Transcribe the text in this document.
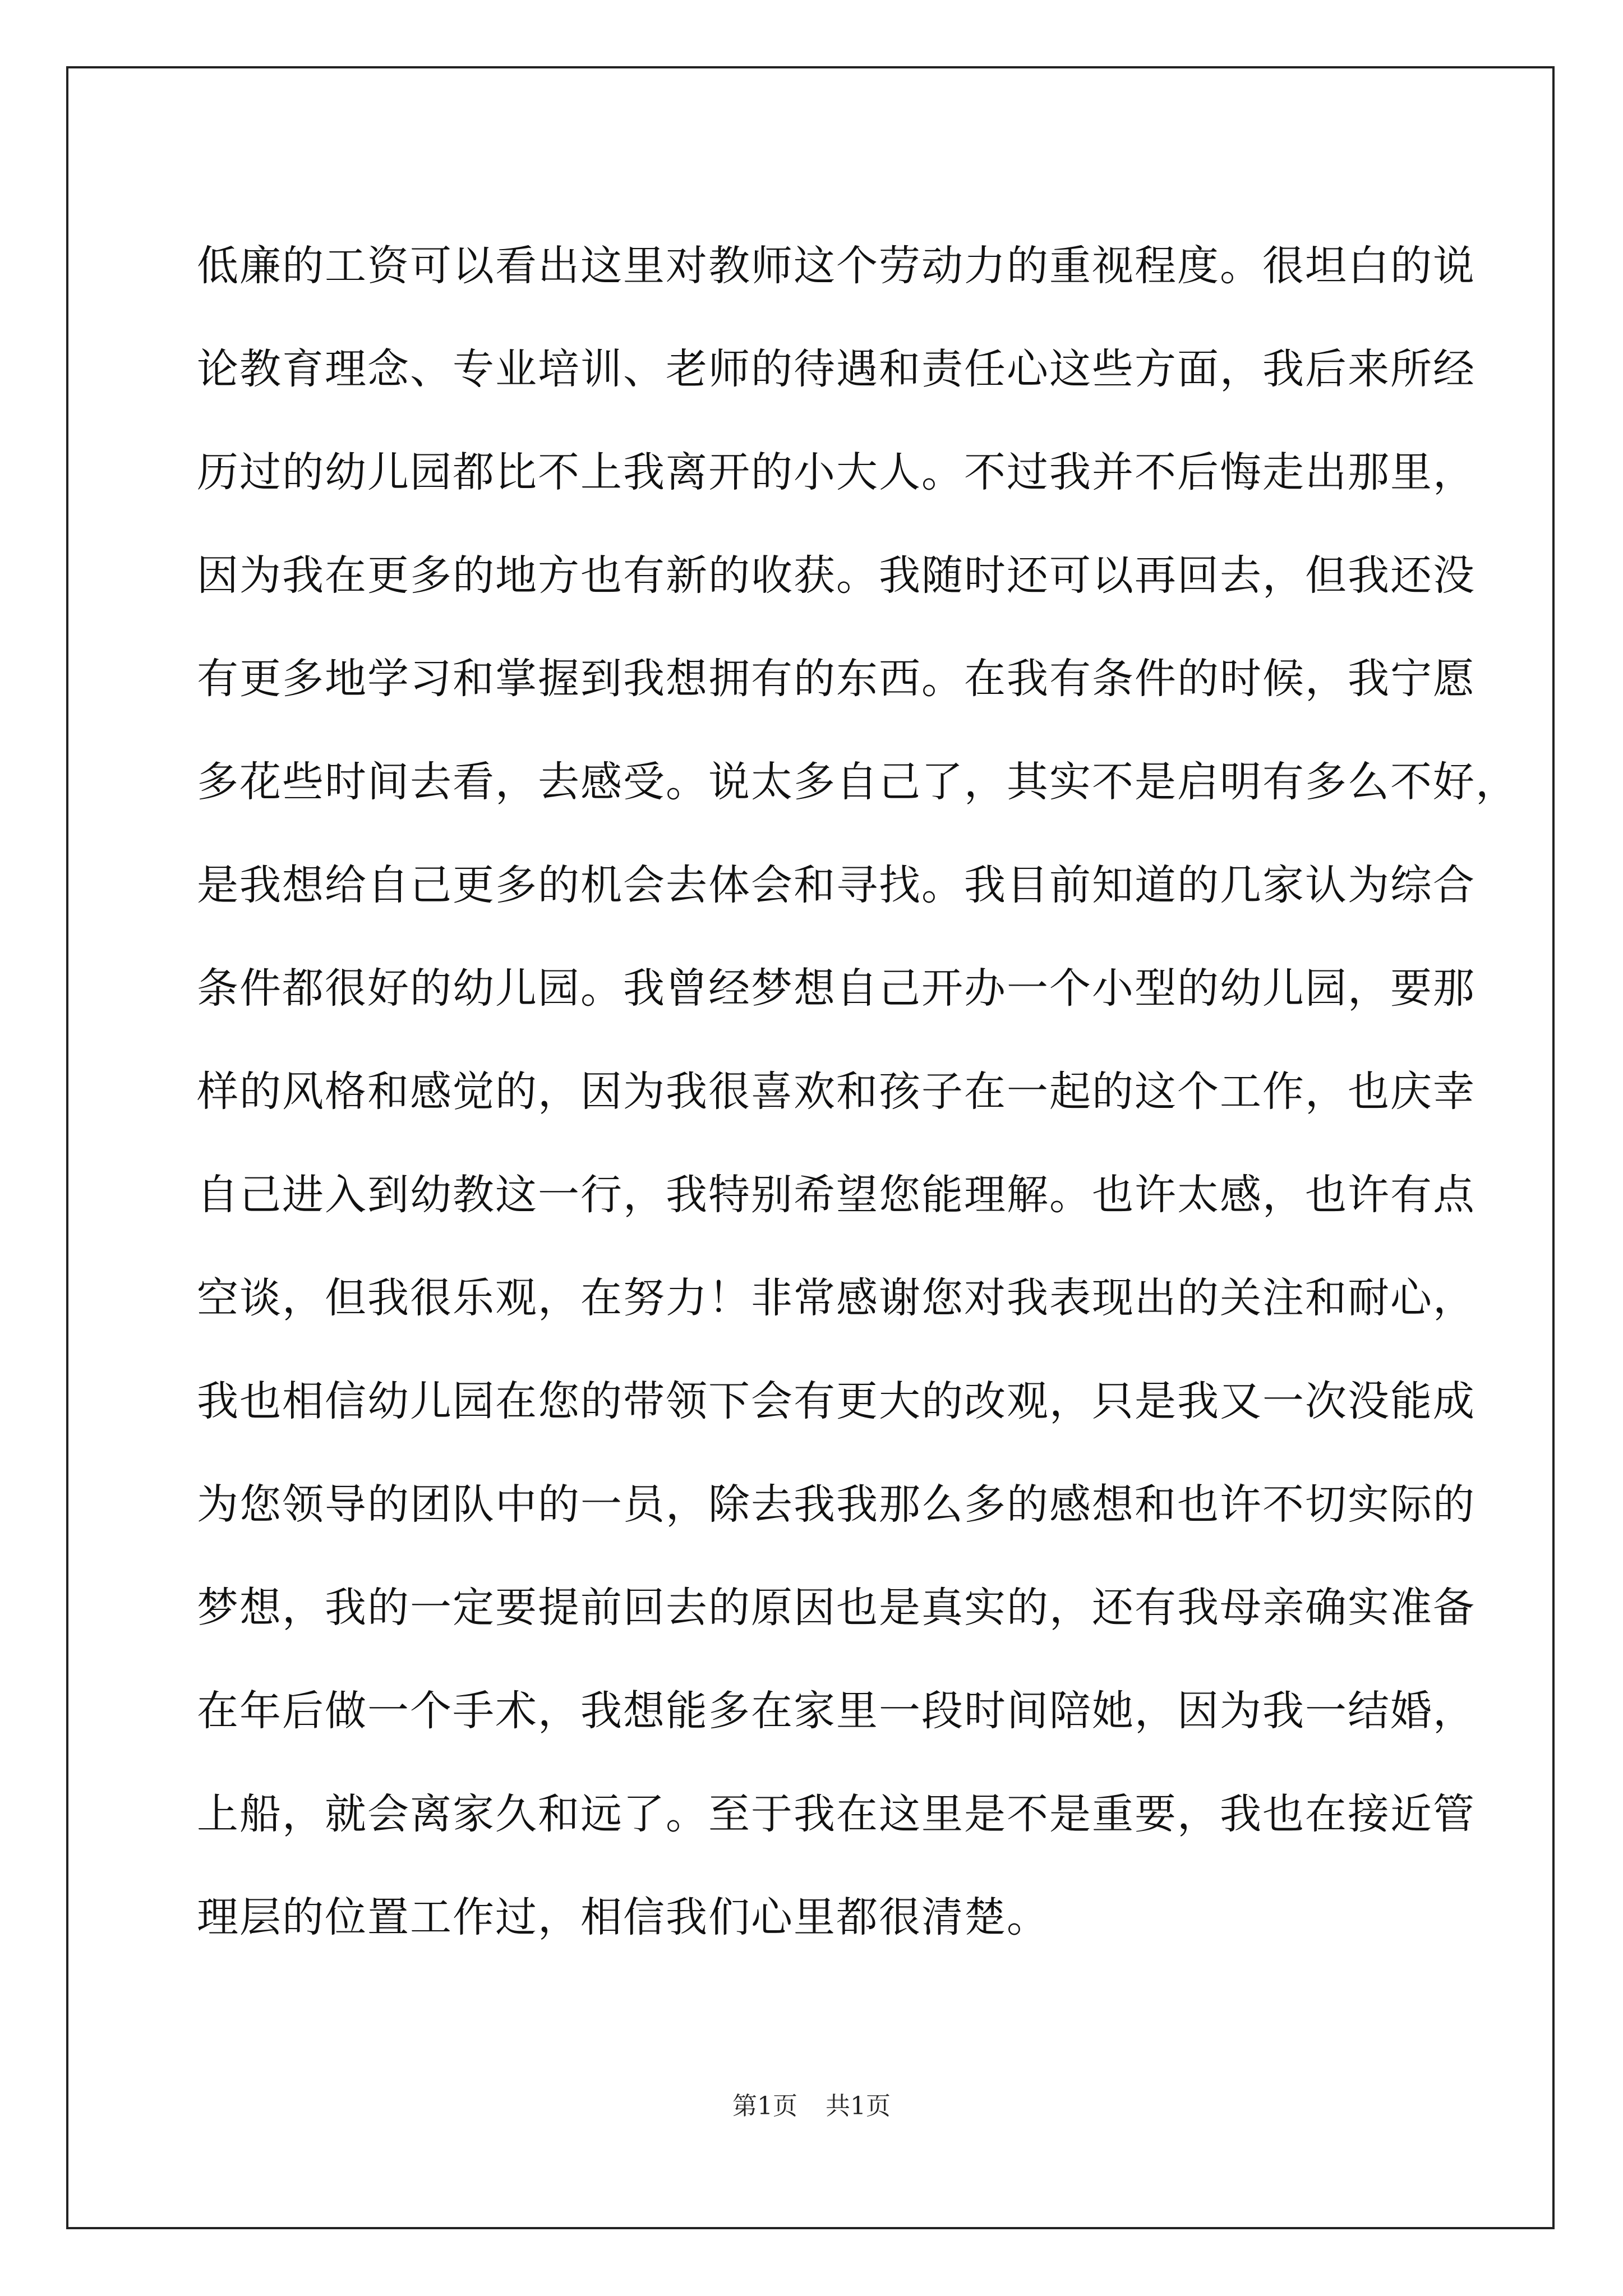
低廉的工资可以看出这里对教师这个劳动力的重视程度。很坦白的说
论教育理念、专业培训、老师的待遇和责任心这些方面，我后来所经
历过的幼儿园都比不上我离开的小大人。不过我并不后悔走出那里，
因为我在更多的地方也有新的收获。我随时还可以再回去，但我还没
有更多地学习和掌握到我想拥有的东西。在我有条件的时候，我宁愿
多花些时间去看，去感受。说太多自己了，其实不是启明有多么不好，
是我想给自己更多的机会去体会和寻找。我目前知道的几家认为综合
条件都很好的幼儿园。我曾经梦想自己开办一个小型的幼儿园，要那
样的风格和感觉的，因为我很喜欢和孩子在一起的这个工作，也庆幸
自己进入到幼教这一行，我特别希望您能理解。也许太感，也许有点
空谈，但我很乐观，在努力！非常感谢您对我表现出的关注和耐心，
我也相信幼儿园在您的带领下会有更大的改观，只是我又一次没能成
为您领导的团队中的一员，除去我我那么多的感想和也许不切实际的
梦想，我的一定要提前回去的原因也是真实的，还有我母亲确实准备
在年后做一个手术，我想能多在家里一段时间陪她，因为我一结婚，
上船，就会离家久和远了。至于我在这里是不是重要，我也在接近管
理层的位置工作过，相信我们心里都很清楚。
第1页 共1页
